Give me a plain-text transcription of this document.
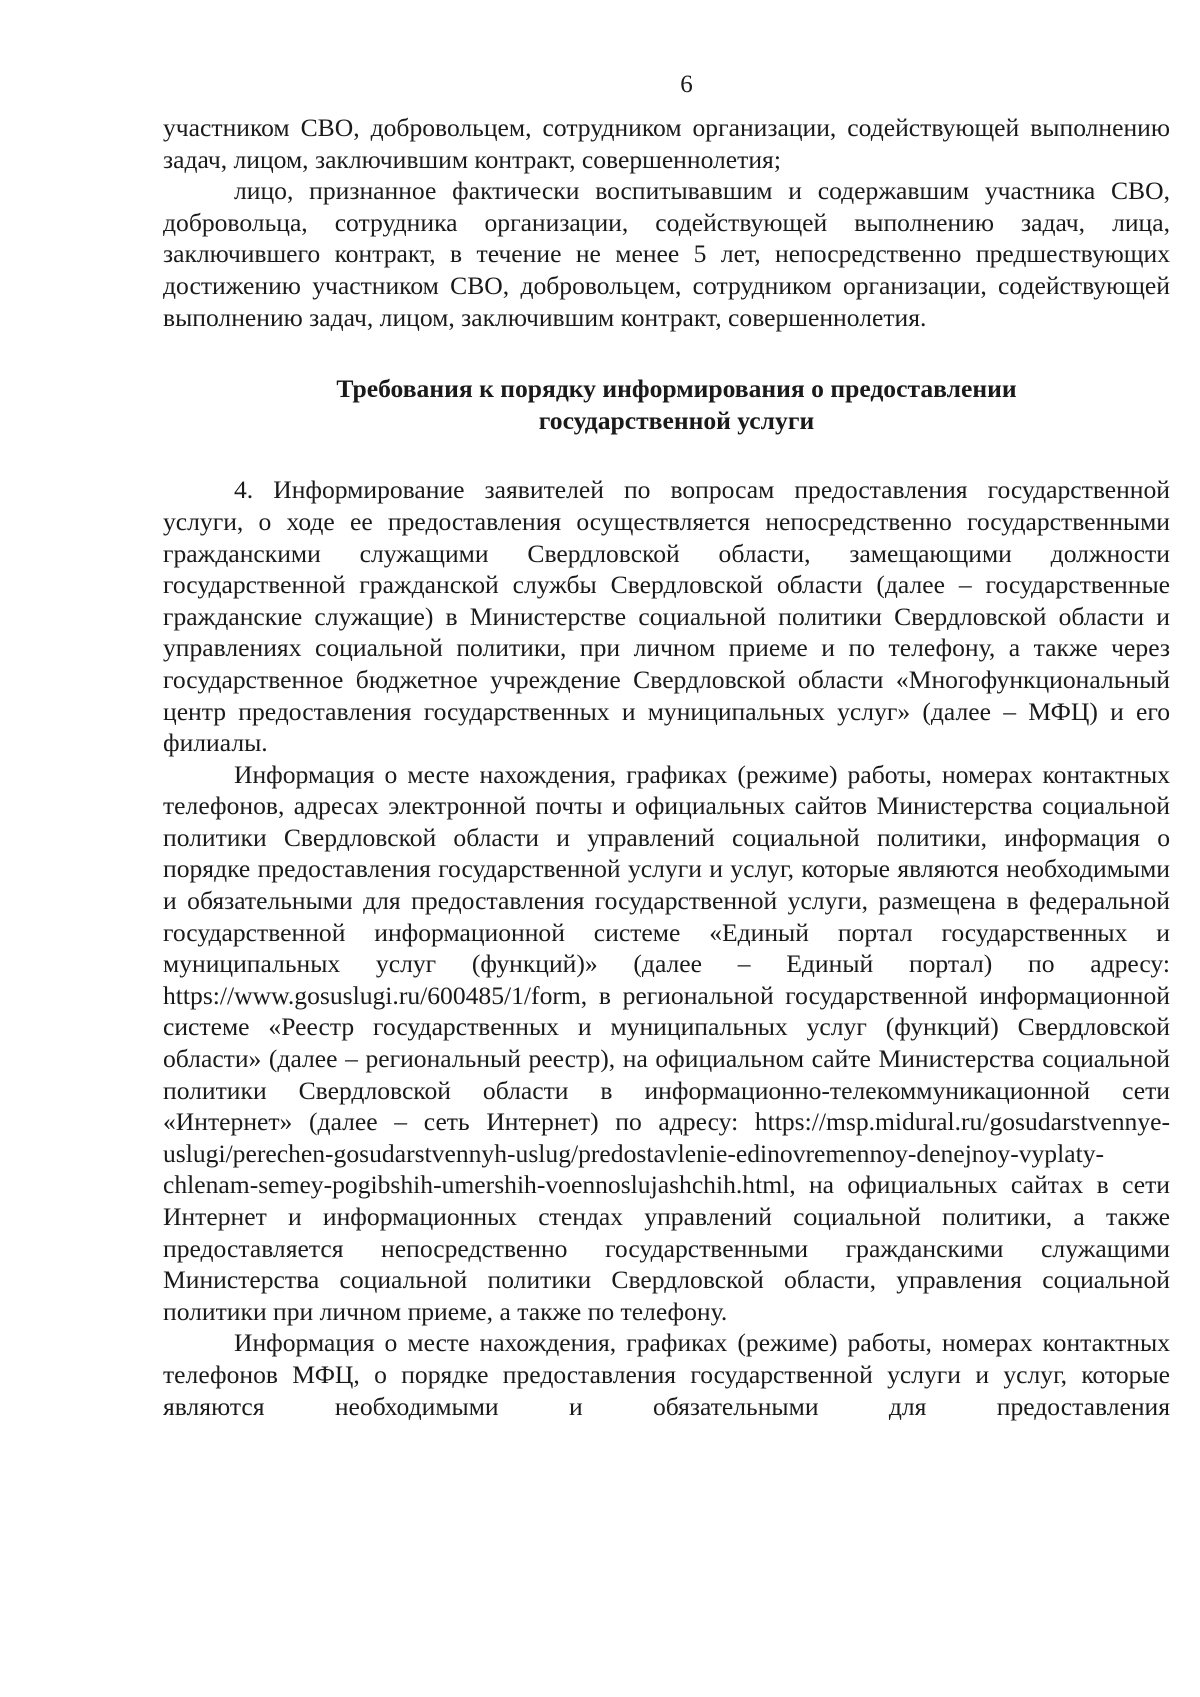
6

участником СВО, добровольцем, сотрудником организации, содействующей выполнению задач, лицом, заключившим контракт, совершеннолетия;

лицо, признанное фактически воспитывавшим и содержавшим участника СВО, добровольца, сотрудника организации, содействующей выполнению задач, лица, заключившего контракт, в течение не менее 5 лет, непосредственно предшествующих достижению участником СВО, добровольцем, сотрудником организации, содействующей выполнению задач, лицом, заключившим контракт, совершеннолетия.

Требования к порядку информирования о предоставлении
государственной услуги

4. Информирование заявителей по вопросам предоставления государственной услуги, о ходе ее предоставления осуществляется непосредственно государственными гражданскими служащими Свердловской области, замещающими должности государственной гражданской службы Свердловской области (далее – государственные гражданские служащие) в Министерстве социальной политики Свердловской области и управлениях социальной политики, при личном приеме и по телефону, а также через государственное бюджетное учреждение Свердловской области «Многофункциональный центр предоставления государственных и муниципальных услуг» (далее – МФЦ) и его филиалы.

Информация о месте нахождения, графиках (режиме) работы, номерах контактных телефонов, адресах электронной почты и официальных сайтов Министерства социальной политики Свердловской области и управлений социальной политики, информация о порядке предоставления государственной услуги и услуг, которые являются необходимыми и обязательными для предоставления государственной услуги, размещена в федеральной государственной информационной системе «Единый портал государственных и муниципальных услуг (функций)» (далее – Единый портал) по адресу: https://www.gosuslugi.ru/600485/1/form, в региональной государственной информационной системе «Реестр государственных и муниципальных услуг (функций) Свердловской области» (далее – региональный реестр), на официальном сайте Министерства социальной политики Свердловской области в информационно-телекоммуникационной сети «Интернет» (далее – сеть Интернет) по адресу: https://msp.midural.ru/gosudarstvennye-uslugi/perechen-gosudarstvennyh-uslug/predostavlenie-edinovremennoy-denejnoy-vyplaty-chlenam-semey-pogibshih-umershih-voennoslujashchih.html, на официальных сайтах в сети Интернет и информационных стендах управлений социальной политики, а также предоставляется непосредственно государственными гражданскими служащими Министерства социальной политики Свердловской области, управления социальной политики при личном приеме, а также по телефону.

Информация о месте нахождения, графиках (режиме) работы, номерах контактных телефонов МФЦ, о порядке предоставления государственной услуги и услуг, которые являются необходимыми и обязательными для предоставления
